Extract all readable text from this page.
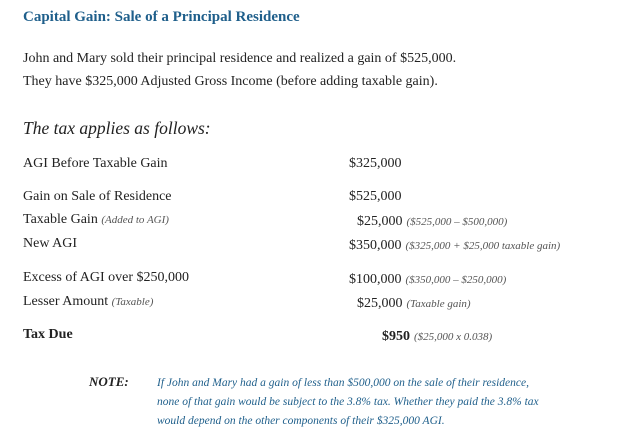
Capital Gain: Sale of a Principal Residence
John and Mary sold their principal residence and realized a gain of $525,000.
They have $325,000 Adjusted Gross Income (before adding taxable gain).
The tax applies as follows:
AGI Before Taxable Gain	$325,000
Gain on Sale of Residence	$525,000
Taxable Gain (Added to AGI)	$25,000 ($525,000 – $500,000)
New AGI	$350,000 ($325,000 + $25,000 taxable gain)
Excess of AGI over $250,000	$100,000 ($350,000 – $250,000)
Lesser Amount (Taxable)	$25,000 (Taxable gain)
Tax Due	$950 ($25,000 x 0.038)
NOTE: If John and Mary had a gain of less than $500,000 on the sale of their residence,
none of that gain would be subject to the 3.8% tax. Whether they paid the 3.8% tax
would depend on the other components of their $325,000 AGI.
